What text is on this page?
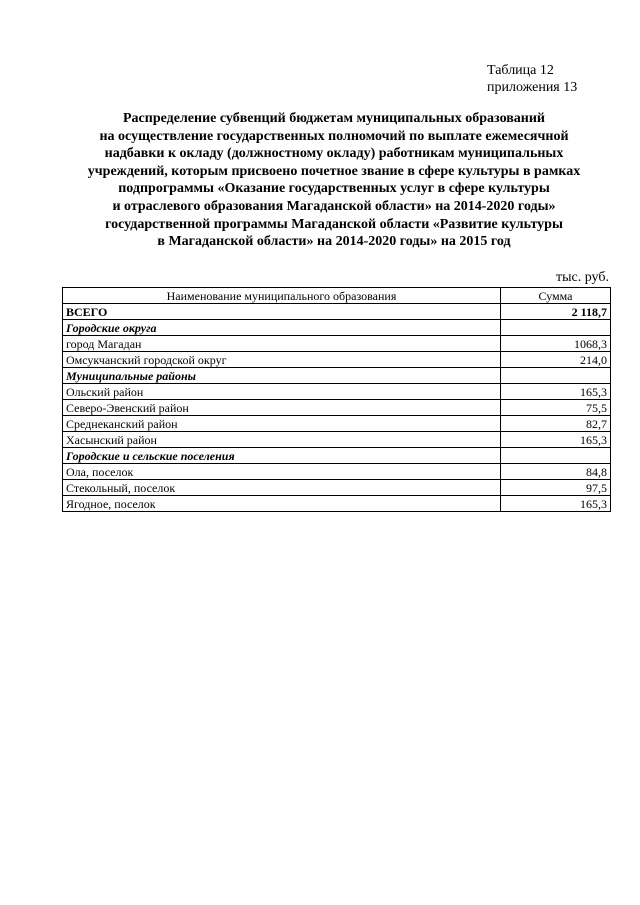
Таблица 12
приложения 13
Распределение субвенций бюджетам муниципальных образований
на осуществление государственных полномочий по выплате ежемесячной
надбавки к окладу (должностному окладу) работникам муниципальных
учреждений, которым присвоено почетное звание в сфере культуры в рамках
подпрограммы «Оказание государственных услуг в сфере культуры
и отраслевого образования Магаданской области» на 2014-2020 годы»
государственной программы Магаданской области «Развитие культуры
в Магаданской области» на 2014-2020 годы» на 2015 год
тыс. руб.
Наименование муниципального образования	Сумма
ВСЕГО	2 118,7
Городские округа	
город Магадан	1068,3
Омсукчанский городской округ	214,0
Муниципальные районы	
Ольский район	165,3
Северо-Эвенский район	75,5
Среднеканский район	82,7
Хасынский район	165,3
Городские и сельские поселения	
Ола, поселок	84,8
Стекольный, поселок	97,5
Ягодное, поселок	165,3
